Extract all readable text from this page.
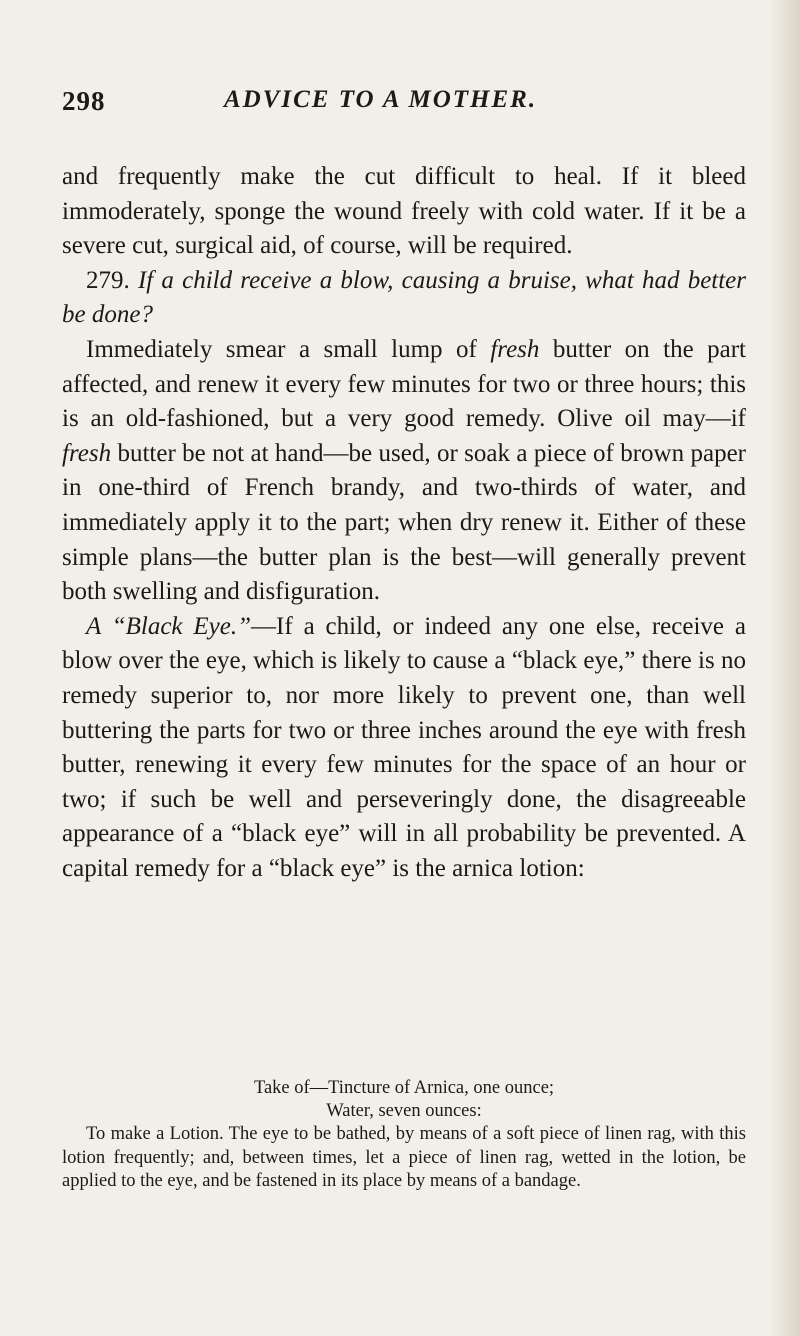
298	ADVICE TO A MOTHER.

and frequently make the cut difficult to heal. If it bleed immoderately, sponge the wound freely with cold water. If it be a severe cut, surgical aid, of course, will be required.

279. If a child receive a blow, causing a bruise, what had better be done?

Immediately smear a small lump of fresh butter on the part affected, and renew it every few minutes for two or three hours; this is an old-fashioned, but a very good remedy. Olive oil may—if fresh butter be not at hand—be used, or soak a piece of brown paper in one-third of French brandy, and two-thirds of water, and immediately apply it to the part; when dry renew it. Either of these simple plans—the butter plan is the best—will generally prevent both swelling and disfiguration.

A “Black Eye.”—If a child, or indeed any one else, receive a blow over the eye, which is likely to cause a “black eye,” there is no remedy superior to, nor more likely to prevent one, than well buttering the parts for two or three inches around the eye with fresh butter, renewing it every few minutes for the space of an hour or two; if such be well and perseveringly done, the disagreeable appearance of a “black eye” will in all probability be prevented. A capital remedy for a “black eye” is the arnica lotion:

Take of—Tincture of Arnica, one ounce;

Water, seven ounces:

To make a Lotion. The eye to be bathed, by means of a soft piece of linen rag, with this lotion frequently; and, between times, let a piece of linen rag, wetted in the lotion, be applied to the eye, and be fastened in its place by means of a bandage.
